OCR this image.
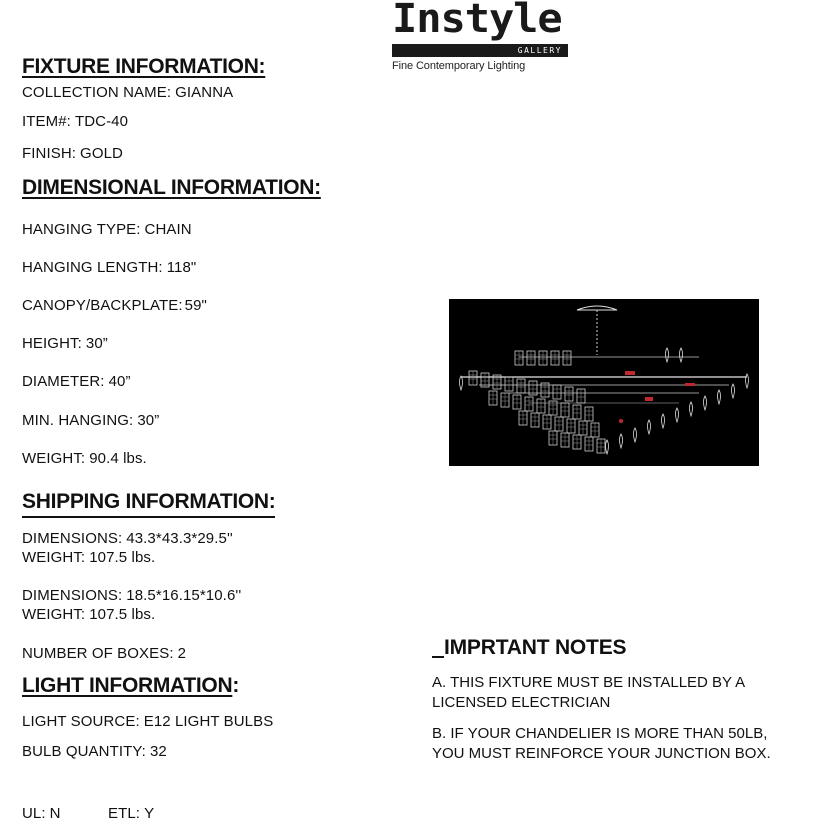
Instyle
GALLERY
Fine Contemporary Lighting
FIXTURE INFORMATION:
COLLECTION NAME: GIANNA
ITEM#: TDC-40
FINISH: GOLD
DIMENSIONAL INFORMATION:
HANGING TYPE: CHAIN
HANGING LENGTH: 118"
CANOPY/BACKPLATE: 59"
HEIGHT: 30”
DIAMETER: 40”
MIN. HANGING: 30”
WEIGHT: 90.4 lbs.
SHIPPING INFORMATION:
DIMENSIONS: 43.3*43.3*29.5''
WEIGHT: 107.5 lbs.
DIMENSIONS: 18.5*16.15*10.6''
WEIGHT: 107.5 lbs.
NUMBER OF BOXES: 2
LIGHT INFORMATION:
LIGHT SOURCE: E12 LIGHT BULBS
BULB QUANTITY: 32
UL: N	ETL: Y
IMPRTANT NOTES
A. THIS FIXTURE MUST BE INSTALLED BY A LICENSED ELECTRICIAN
B. IF YOUR CHANDELIER IS MORE THAN 50LB, YOU MUST REINFORCE YOUR JUNCTION BOX.
